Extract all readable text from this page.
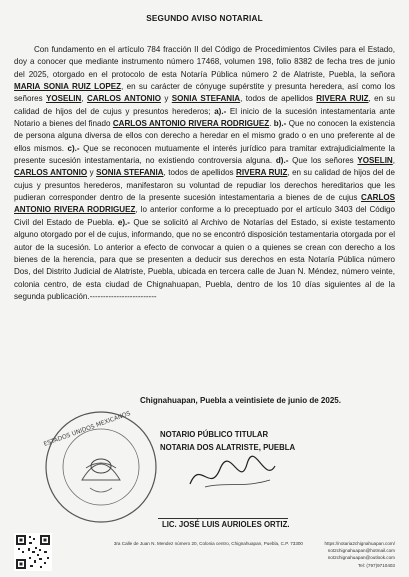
SEGUNDO AVISO NOTARIAL

Con fundamento en el artículo 784 fracción II del Código de Procedimientos Civiles para el Estado, doy a conocer que mediante instrumento número 17468, volumen 198, folio 8382 de fecha tres de junio del 2025, otorgado en el protocolo de esta Notaría Pública número 2 de Alatriste, Puebla, la señora MARIA SONIA RUIZ LOPEZ, en su carácter de cónyuge supérstite y presunta heredera, así como los señores YOSELIN, CARLOS ANTONIO y SONIA STEFANIA, todos de apellidos RIVERA RUIZ, en su calidad de hijos del de cujus y presuntos herederos; a).- El inicio de la sucesión intestamentaria ante Notario a bienes del finado CARLOS ANTONIO RIVERA RODRIGUEZ. b).- Que no conocen la existencia de persona alguna diversa de ellos con derecho a heredar en el mismo grado o en uno preferente al de ellos mismos. c).- Que se reconocen mutuamente el interés jurídico para tramitar extrajudicialmente la presente sucesión intestamentaria, no existiendo controversia alguna. d).- Que los señores YOSELIN, CARLOS ANTONIO y SONIA STEFANIA, todos de apellidos RIVERA RUIZ, en su calidad de hijos del de cujus y presuntos herederos, manifestaron su voluntad de repudiar los derechos hereditarios que les pudieran corresponder dentro de la presente sucesión intestamentaria a bienes de de cujus CARLOS ANTONIO RIVERA RODRIGUEZ, lo anterior conforme a lo preceptuado por el artículo 3403 del Código Civil del Estado de Puebla. e).- Que se solicitó al Archivo de Notarías del Estado, si existe testamento alguno otorgado por el de cujus, informando, que no se encontró disposición testamentaria otorgada por el autor de la sucesión. Lo anterior a efecto de convocar a quien o a quienes se crean con derecho a los bienes de la herencia, para que se presenten a deducir sus derechos en esta Notaría Pública número Dos, del Distrito Judicial de Alatriste, Puebla, ubicada en tercera calle de Juan N. Méndez, número veinte, colonia centro, de esta ciudad de Chignahuapan, Puebla, dentro de los 10 días siguientes al de la segunda publicación.-------------------------

Chignahuapan, Puebla a veintisiete de junio de 2025.
ESTADOS UNIDOS MEXICANOS	NOTARIO PÚBLICO TITULAR
NOTARIA DOS ALATRISTE, PUEBLA
LIC. JOSÉ LUIS AURIOLES ORTIZ.
3ra Calle de Juan N. Mendez número 20, Colonia centro, Chignahuapan, Puebla, C.P. 73300	https://notaria2chignahuapan.com/
not2chignahuapan@hotmail.com
not2chignahuapan@outlook.com
Tel: (797)9710403
